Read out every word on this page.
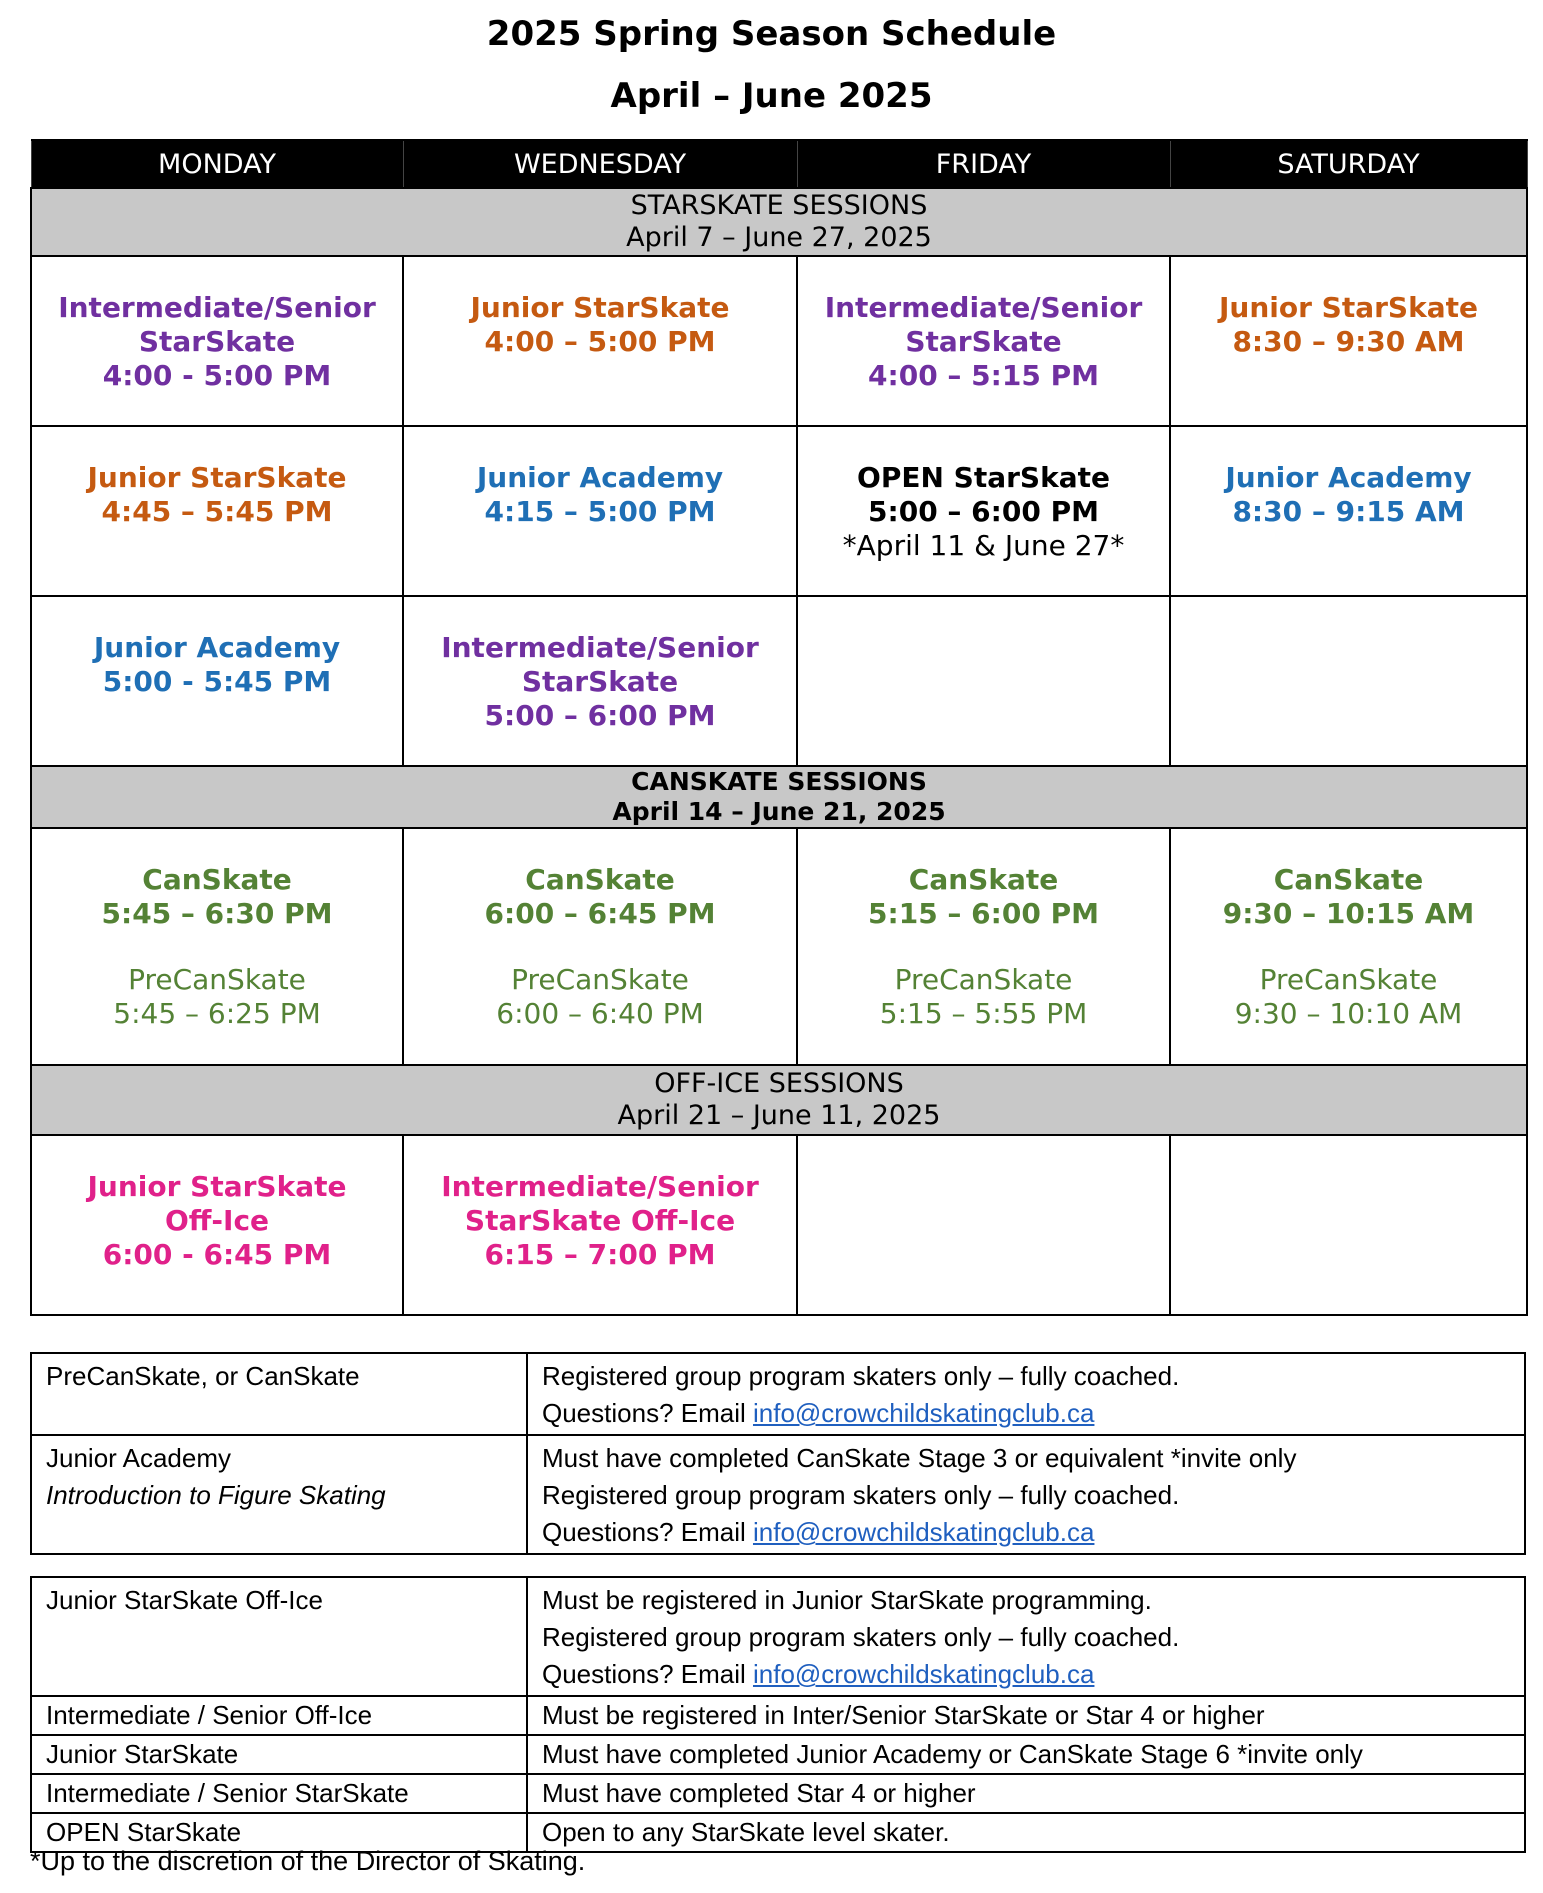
2025 Spring Season Schedule
April – June 2025
MONDAY	WEDNESDAY	FRIDAY	SATURDAY

STARSKATE SESSIONS
April 7 – June 27, 2025			

Intermediate/Senior
StarSkate
4:00 - 5:00 PM	Junior StarSkate
4:00 – 5:00 PM	Intermediate/Senior
StarSkate
4:00 – 5:15 PM	Junior StarSkate
8:30 – 9:30 AM

Junior StarSkate
4:45 – 5:45 PM	Junior Academy
4:15 – 5:00 PM	OPEN StarSkate
5:00 – 6:00 PM
*April 11 & June 27*	Junior Academy
8:30 – 9:15 AM

Junior Academy
5:00 - 5:45 PM	Intermediate/Senior
StarSkate
5:00 – 6:00 PM		

CANSKATE SESSIONS
April 14 – June 21, 2025			

CanSkate
5:45 – 6:30 PM
PreCanSkate
5:45 – 6:25 PM	CanSkate
6:00 – 6:45 PM
PreCanSkate
6:00 – 6:40 PM	CanSkate
5:15 – 6:00 PM
PreCanSkate
5:15 – 5:55 PM	CanSkate
9:30 – 10:15 AM
PreCanSkate
9:30 – 10:10 AM

OFF-ICE SESSIONS
April 21 – June 11, 2025			

Junior StarSkate
Off-Ice
6:00 - 6:45 PM	Intermediate/Senior
StarSkate Off-Ice
6:15 – 7:00 PM		

PreCanSkate, or CanSkate	Registered group program skaters only – fully coached.
Questions? Email info@crowchildskatingclub.ca

Junior Academy
Introduction to Figure Skating	Must have completed CanSkate Stage 3 or equivalent *invite only
Registered group program skaters only – fully coached.
Questions? Email info@crowchildskatingclub.ca
Junior StarSkate Off-Ice	Must be registered in Junior StarSkate programming.
Registered group program skaters only – fully coached.
Questions? Email info@crowchildskatingclub.ca

Intermediate / Senior Off-Ice	Must be registered in Inter/Senior StarSkate or Star 4 or higher
Junior StarSkate	Must have completed Junior Academy or CanSkate Stage 6 *invite only
Intermediate / Senior StarSkate	Must have completed Star 4 or higher
OPEN StarSkate	Open to any StarSkate level skater.
*Up to the discretion of the Director of Skating.
